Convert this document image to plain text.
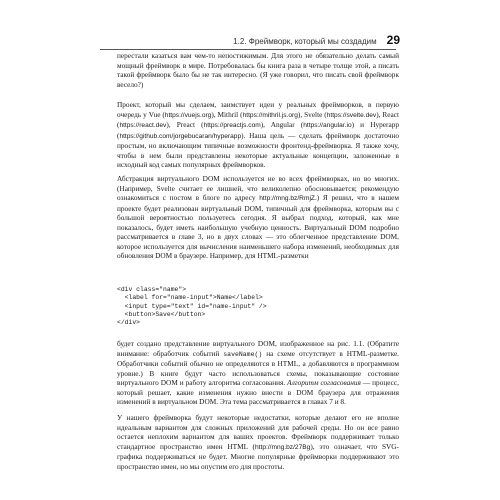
1.2. Фреймворк, который мы создадим 29

перестали казаться вам чем-то непостижимым. Для этого не обязательно делать самый мощный фреймворк в мире. Потребовалась бы книга раза в четыре толще этой, а писать такой фреймворк было бы не так интересно. (Я уже говорил, что писать свой фреймворк весело?)

Проект, который мы сделаем, заимствует идеи у реальных фреймворков, в первую очередь у Vue (https://vuejs.org), Mithril (https://mithril.js.org), Svelte (https://svelte.dev), React (https://react.dev), Preact (https://preactjs.com), Angular (https://angular.io) и Hyperapp (https://github.com/jorgebucaran/hyperapp). Наша цель — сделать фреймворк достаточно простым, но включающим типичные возможности фронтенд-фреймворка. Я также хочу, чтобы в нем были представлены некоторые актуальные концепции, заложенные в исходный код самых популярных фреймворков.

Абстракция виртуального DOM используется не во всех фреймворках, но во многих. (Например, Svelte считает ее лишней, что великолепно обосновывается; рекомендую ознакомиться с постом в блоге по адресу http://mng.bz/RmjZ.) Я решил, что в нашем проекте будет реализован виртуальный DOM, типичный для фреймворка, которым вы с большой вероятностью пользуетесь сегодня. Я выбрал подход, который, как мне показалось, будет иметь наибольшую учебную ценность. Виртуальный DOM подробно рассматривается в главе 3, но в двух словах — это облегченное представление DOM, которое используется для вычисления наименьшего набора изменений, необходимых для обновления DOM в браузере. Например, для HTML-разметки

<div class="name">
<label for="name-input">Name</label>
<input type="text" id="name-input" />
<button>Save</button>
</div>

будет создано представление виртуального DOM, изображенное на рис. 1.1. (Обратите внимание: обработчик событий saveName() на схеме отсутствует в HTML-разметке. Обработчики событий обычно не определяются в HTML, а добавляются в программном уровне.) В книге будут часто использоваться схемы, показывающие состояние виртуального DOM и работу алгоритма согласования. Алгоритм согласования — процесс, который решает, какие изменения нужно внести в DOM браузера для отражения изменений в виртуальном DOM. Эта тема рассматривается в главах 7 и 8.

У нашего фреймворка будут некоторые недостатки, которые делают его не вполне идеальным вариантом для сложных приложений для рабочей среды. Но он все равно остается неплохим вариантом для ваших проектов. Фреймворк поддерживает только стандартное пространство имен HTML (http://mng.bz/27Bg), это означает, что SVG-графика поддерживаться не будет. Многие популярные фреймворки поддерживают это пространство имен, но мы опустим его для простоты.
